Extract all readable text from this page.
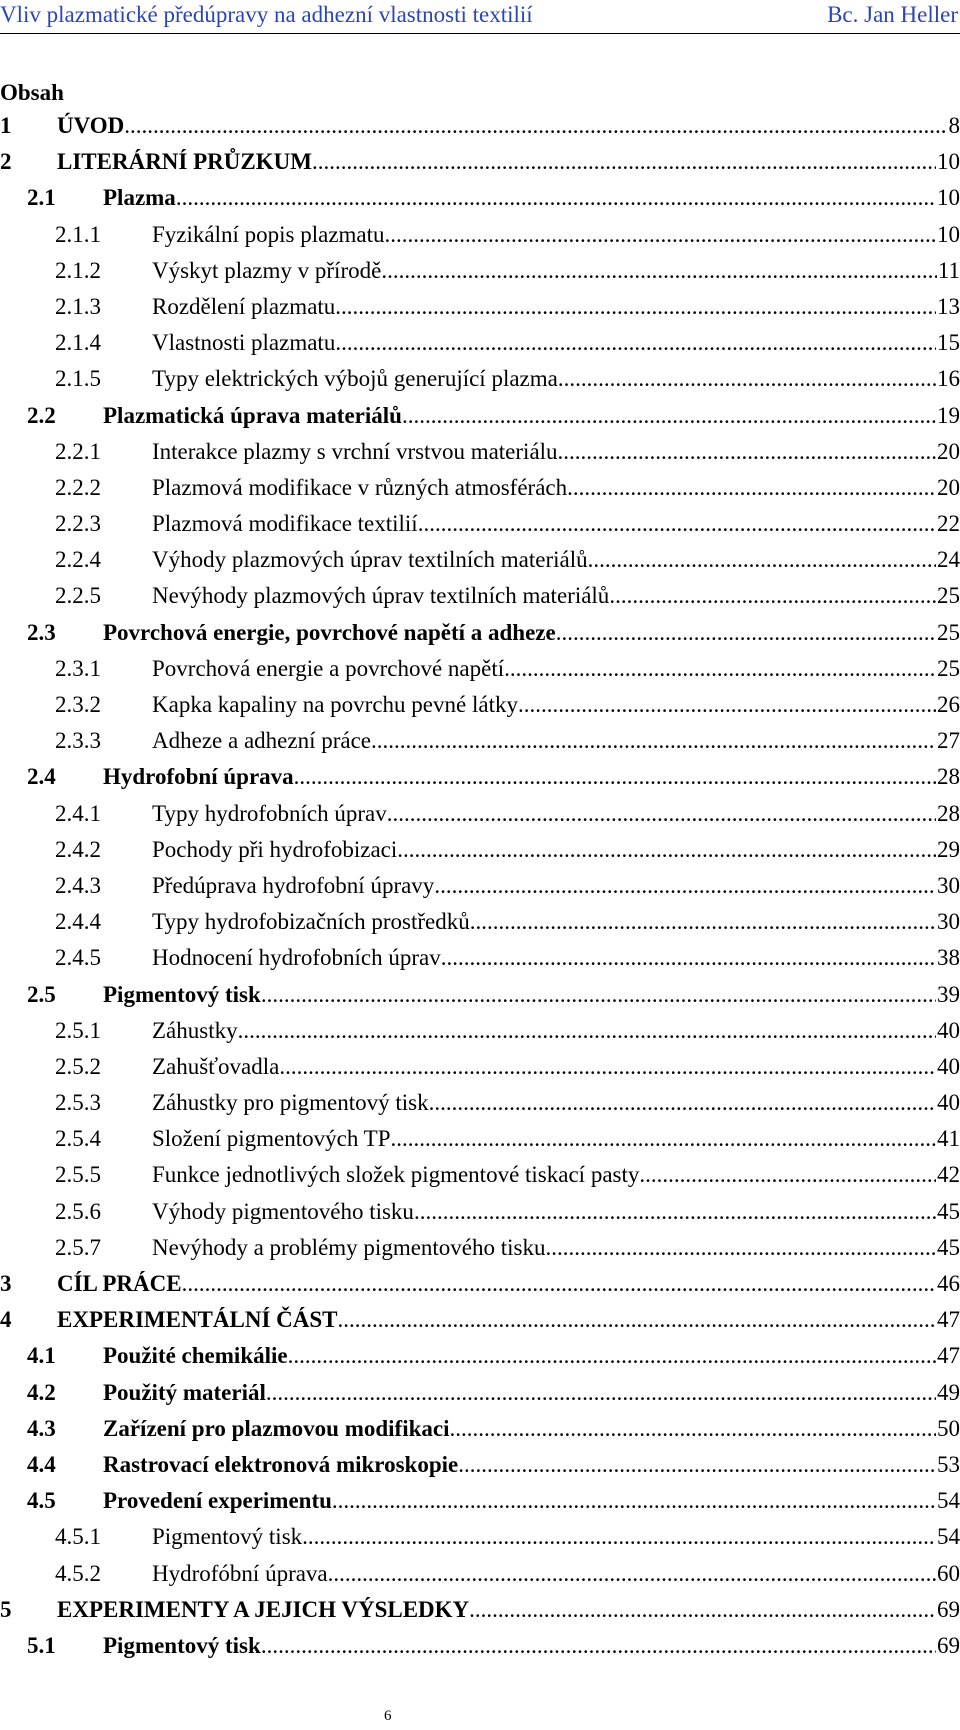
Vliv plazmatické předúpravy na adhezní vlastnosti textilií	Bc. Jan Heller
Obsah
1 ÚVOD .....	8
2 LITERÁRNÍ PRŮZKUM .....	10
2.1 Plazma .....	10
2.1.1 Fyzikální popis plazmatu .....	10
2.1.2 Výskyt plazmy v přírodě .....	11
2.1.3 Rozdělení plazmatu .....	13
2.1.4 Vlastnosti plazmatu .....	15
2.1.5 Typy elektrických výbojů generující plazma .....	16
2.2 Plazmatická úprava materiálů .....	19
2.2.1 Interakce plazmy s vrchní vrstvou materiálu .....	20
2.2.2 Plazmová modifikace v různých atmosférách .....	20
2.2.3 Plazmová modifikace textilií .....	22
2.2.4 Výhody plazmových úprav textilních materiálů .....	24
2.2.5 Nevýhody plazmových úprav textilních materiálů .....	25
2.3 Povrchová energie, povrchové napětí a adheze .....	25
2.3.1 Povrchová energie a povrchové napětí .....	25
2.3.2 Kapka kapaliny na povrchu pevné látky .....	26
2.3.3 Adheze a adhezní práce .....	27
2.4 Hydrofobní úprava .....	28
2.4.1 Typy hydrofobních úprav .....	28
2.4.2 Pochody při hydrofobizaci .....	29
2.4.3 Předúprava hydrofobní úpravy .....	30
2.4.4 Typy hydrofobizačních prostředků .....	30
2.4.5 Hodnocení hydrofobních úprav .....	38
2.5 Pigmentový tisk .....	39
2.5.1 Záhustky .....	40
2.5.2 Zahušťovadla .....	40
2.5.3 Záhustky pro pigmentový tisk .....	40
2.5.4 Složení pigmentových TP .....	41
2.5.5 Funkce jednotlivých složek pigmentové tiskací pasty .....	42
2.5.6 Výhody pigmentového tisku .....	45
2.5.7 Nevýhody a problémy pigmentového tisku .....	45
3 CÍL PRÁCE .....	46
4 EXPERIMENTÁLNÍ ČÁST .....	47
4.1 Použité chemikálie .....	47
4.2 Použitý materiál .....	49
4.3 Zařízení pro plazmovou modifikaci .....	50
4.4 Rastrovací elektronová mikroskopie .....	53
4.5 Provedení experimentu .....	54
4.5.1 Pigmentový tisk .....	54
4.5.2 Hydrofóbní úprava .....	60
5 EXPERIMENTY A JEJICH VÝSLEDKY .....	69
5.1 Pigmentový tisk .....	69
6
